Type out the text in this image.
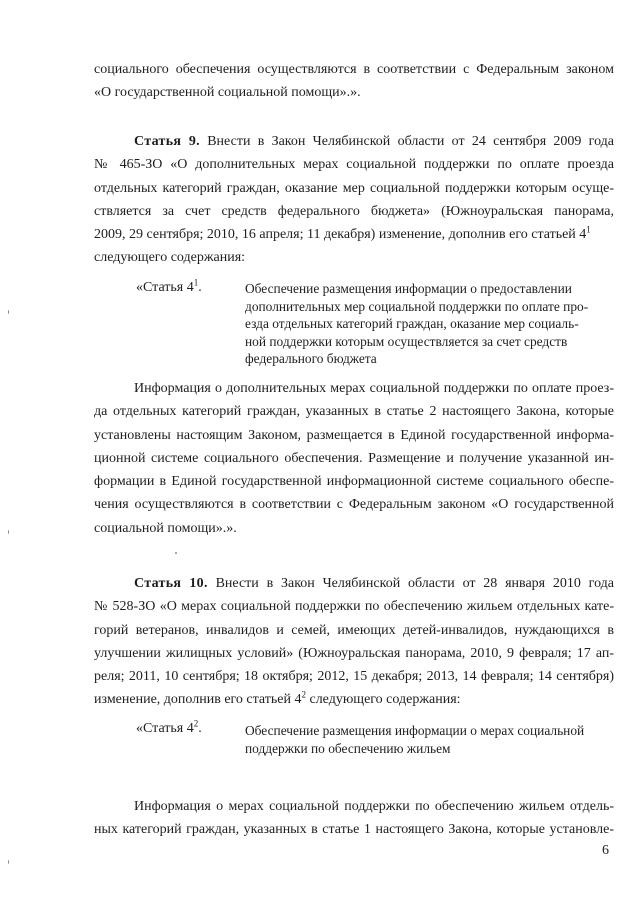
социального обеспечения осуществляются в соответствии с Федеральным законом
«О государственной социальной помощи».».
Статья 9. Внести в Закон Челябинской области от 24 сентября 2009 года
№ 465-ЗО «О дополнительных мерах социальной поддержки по оплате проезда
отдельных категорий граждан, оказание мер социальной поддержки которым осуще-
ствляется за счет средств федерального бюджета» (Южноуральская панорама,
2009, 29 сентября; 2010, 16 апреля; 11 декабря) изменение, дополнив его статьей $4^1$
следующего содержания:
«Статья $4^1$.	Обеспечение размещения информации о предоставлении
дополнительных мер социальной поддержки по оплате про-
езда отдельных категорий граждан, оказание мер социаль-
ной поддержки которым осуществляется за счет средств
федерального бюджета
Информация о дополнительных мерах социальной поддержки по оплате проез-
да отдельных категорий граждан, указанных в статье 2 настоящего Закона, которые
установлены настоящим Законом, размещается в Единой государственной информа-
ционной системе социального обеспечения. Размещение и получение указанной ин-
формации в Единой государственной информационной системе социального обеспе-
чения осуществляются в соответствии с Федеральным законом «О государственной
социальной помощи».».
Статья 10. Внести в Закон Челябинской области от 28 января 2010 года
№ 528-ЗО «О мерах социальной поддержки по обеспечению жильем отдельных кате-
горий ветеранов, инвалидов и семей, имеющих детей-инвалидов, нуждающихся в
улучшении жилищных условий» (Южноуральская панорама, 2010, 9 февраля; 17 ап-
реля; 2011, 10 сентября; 18 октября; 2012, 15 декабря; 2013, 14 февраля; 14 сентября)
изменение, дополнив его статьей $4^2$ следующего содержания:
«Статья $4^2$.	Обеспечение размещения информации о мерах социальной
поддержки по обеспечению жильем
Информация о мерах социальной поддержки по обеспечению жильем отдель-
ных категорий граждан, указанных в статье 1 настоящего Закона, которые установле-
6
